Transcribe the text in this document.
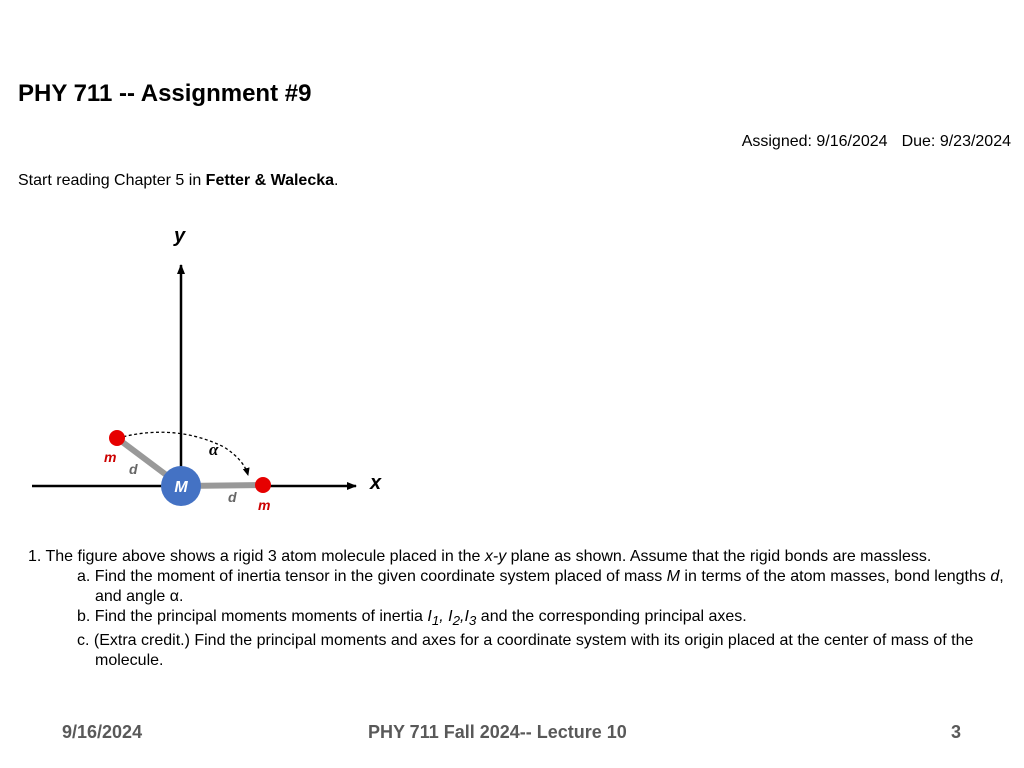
PHY 711 -- Assignment #9
Assigned: 9/16/2024 Due: 9/23/2024
Start reading Chapter 5 in Fetter & Walecka.
y
x
α
M
m
m
d
d
1. The figure above shows a rigid 3 atom molecule placed in the x-y plane as shown. Assume that the rigid bonds are massless.
a. Find the moment of inertia tensor in the given coordinate system placed of mass M in terms of the atom masses, bond lengths d, and angle α.
b. Find the principal moments moments of inertia $I_1$, $I_2,I_3$ and the corresponding principal axes.
c. (Extra credit.) Find the principal moments and axes for a coordinate system with its origin placed at the center of mass of the molecule.
9/16/2024	PHY 711 Fall 2024-- Lecture 10	3
